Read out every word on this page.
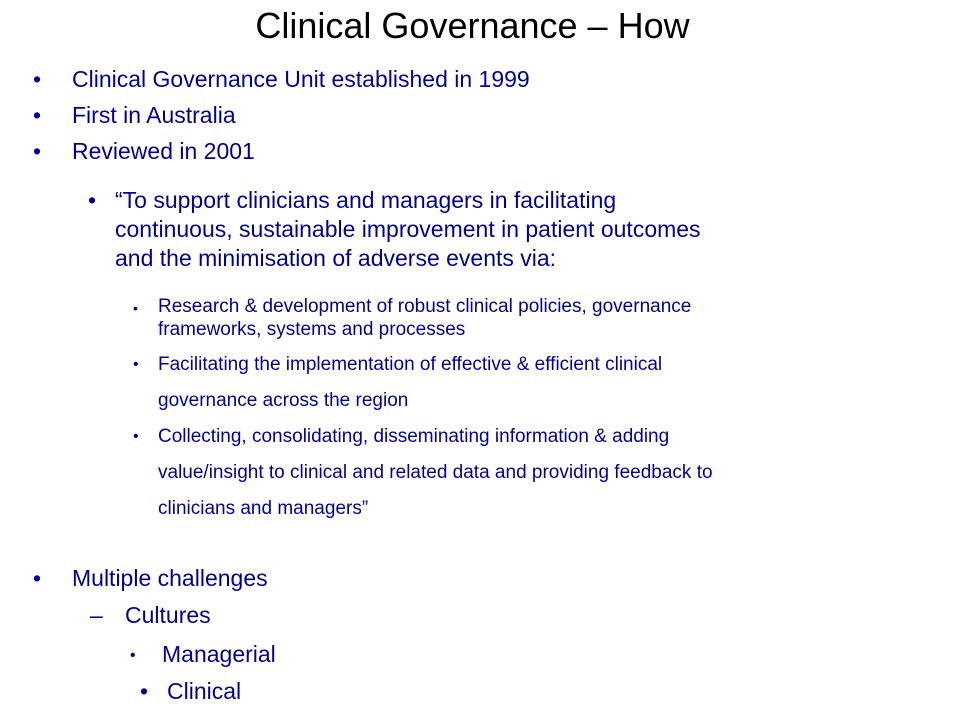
Clinical Governance – How
• Clinical Governance Unit established in 1999
• First in Australia
• Reviewed in 2001
• “To support clinicians and managers in facilitating
continuous, sustainable improvement in patient outcomes
and the minimisation of adverse events via:
• Research & development of robust clinical policies, governance
frameworks, systems and processes
• Facilitating the implementation of effective & efficient clinical
governance across the region
• Collecting, consolidating, disseminating information & adding
value/insight to clinical and related data and providing feedback to
clinicians and managers”
• Multiple challenges
– Cultures
• Managerial
• Clinical
